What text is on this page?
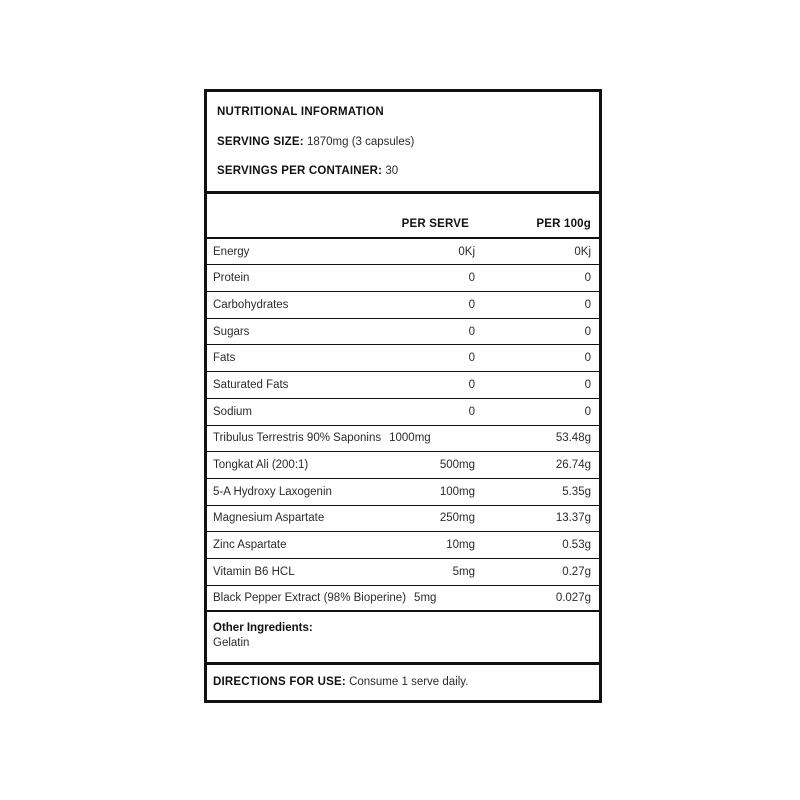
NUTRITIONAL INFORMATION
SERVING SIZE: 1870mg (3 capsules)
SERVINGS PER CONTAINER: 30
PER SERVE	PER 100g
Energy	0Kj	0Kj
Protein	0	0
Carbohydrates	0	0
Sugars	0	0
Fats	0	0
Saturated Fats	0	0
Sodium	0	0
Tribulus Terrestris 90% Saponins 1000mg	53.48g
Tongkat Ali (200:1)	500mg	26.74g
5-A Hydroxy Laxogenin	100mg	5.35g
Magnesium Aspartate	250mg	13.37g
Zinc Aspartate	10mg	0.53g
Vitamin B6 HCL	5mg	0.27g
Black Pepper Extract (98% Bioperine) 5mg	0.027g
Other Ingredients:
Gelatin
DIRECTIONS FOR USE: Consume 1 serve daily.
